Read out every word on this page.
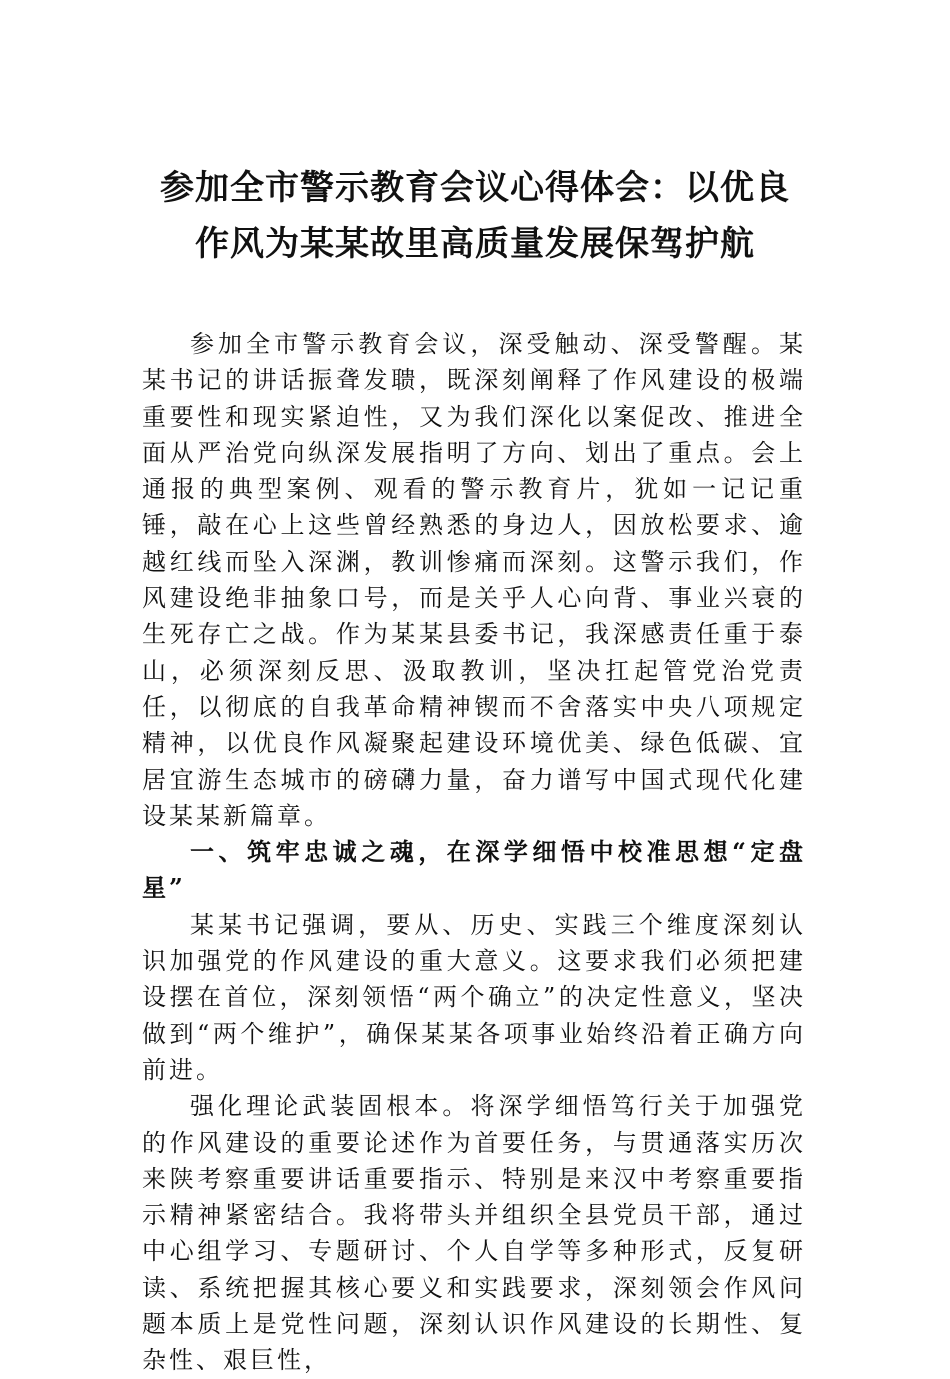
参加全市警示教育会议心得体会：以优良
作风为某某故里高质量发展保驾护航

参加全市警示教育会议，深受触动、深受警醒。某某书记的讲话振聋发聩，既深刻阐释了作风建设的极端重要性和现实紧迫性，又为我们深化以案促改、推进全面从严治党向纵深发展指明了方向、划出了重点。会上通报的典型案例、观看的警示教育片，犹如一记记重锤，敲在心上这些曾经熟悉的身边人，因放松要求、逾越红线而坠入深渊，教训惨痛而深刻。这警示我们，作风建设绝非抽象口号，而是关乎人心向背、事业兴衰的生死存亡之战。作为某某县委书记，我深感责任重于泰山，必须深刻反思、汲取教训，坚决扛起管党治党责任，以彻底的自我革命精神锲而不舍落实中央八项规定精神，以优良作风凝聚起建设环境优美、绿色低碳、宜居宜游生态城市的磅礴力量，奋力谱写中国式现代化建设某某新篇章。

一、筑牢忠诚之魂，在深学细悟中校准思想“定盘星”

某某书记强调，要从、历史、实践三个维度深刻认识加强党的作风建设的重大意义。这要求我们必须把建设摆在首位，深刻领悟“两个确立”的决定性意义，坚决做到“两个维护”，确保某某各项事业始终沿着正确方向前进。

强化理论武装固根本。将深学细悟笃行关于加强党的作风建设的重要论述作为首要任务，与贯通落实历次来陕考察重要讲话重要指示、特别是来汉中考察重要指示精神紧密结合。我将带头并组织全县党员干部，通过中心组学习、专题研讨、个人自学等多种形式，反复研读、系统把握其核心要义和实践要求，深刻领会作风问题本质上是党性问题，深刻认识作风建设的长期性、复杂性、艰巨性，
